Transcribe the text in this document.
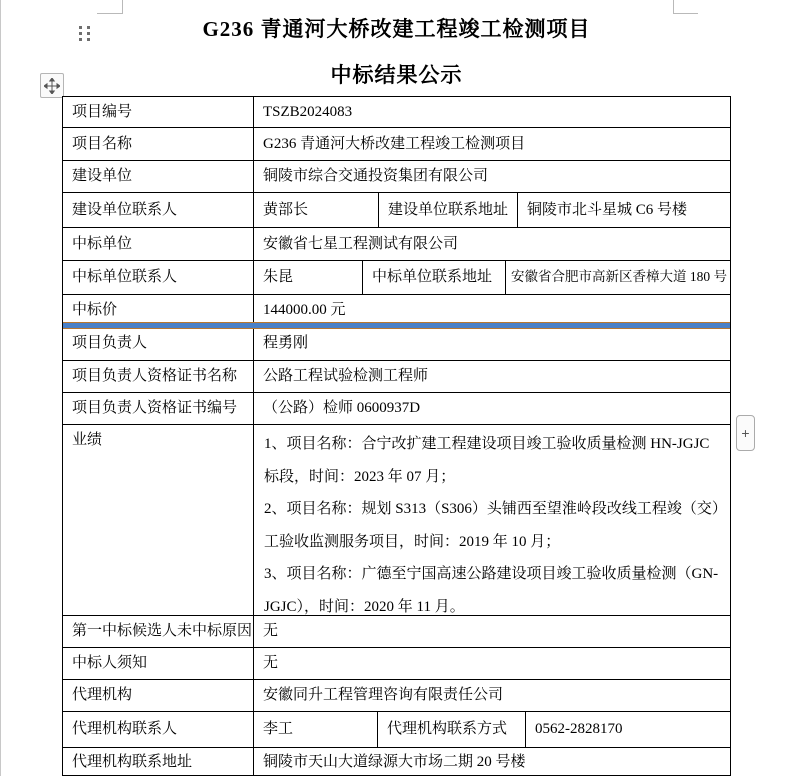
G236 青通河大桥改建工程竣工检测项目
中标结果公示
项目编号	TSZB2024083
项目名称	G236 青通河大桥改建工程竣工检测项目
建设单位	铜陵市综合交通投资集团有限公司
建设单位联系人	黄部长	建设单位联系地址	铜陵市北斗星城 C6 号楼
中标单位	安徽省七星工程测试有限公司
中标单位联系人	朱昆	中标单位联系地址	安徽省合肥市高新区香樟大道 180 号
中标价	144000.00 元
项目负责人	程勇刚
项目负责人资格证书名称	公路工程试验检测工程师
项目负责人资格证书编号	（公路）检师 0600937D
业绩	1、项目名称：合宁改扩建工程建设项目竣工验收质量检测 HN-JGJC 标段，时间：2023 年 07 月；

2、项目名称：规划 S313（S306）头铺西至望淮岭段改线工程竣（交）工验收监测服务项目，时间：2019 年 10 月；

3、项目名称：广德至宁国高速公路建设项目竣工验收质量检测（GN-JGJC），时间：2020 年 11 月。

第一中标候选人未中标原因 无
中标人须知	无
代理机构	安徽同升工程管理咨询有限责任公司
代理机构联系人	李工	代理机构联系方式	0562-2828170
代理机构联系地址	铜陵市天山大道绿源大市场二期 20 号楼
+
